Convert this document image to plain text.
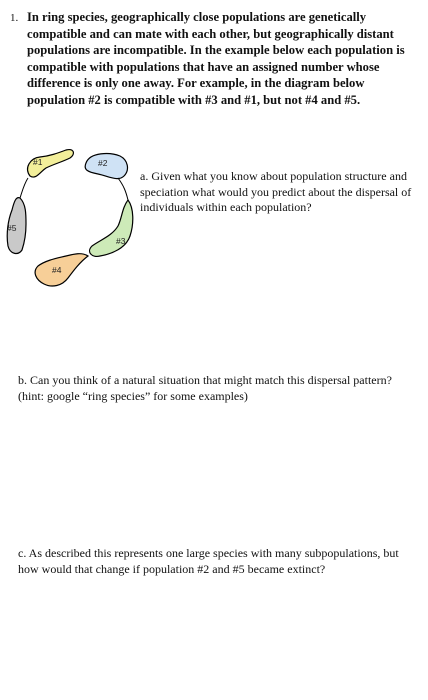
1. In ring species, geographically close populations are genetically compatible and can mate with each other, but geographically distant populations are incompatible. In the example below each population is compatible with populations that have an assigned number whose difference is only one away. For example, in the diagram below population #2 is compatible with #3 and #1, but not #4 and #5.
#1	#2
#3
#4
#5

a. Given what you know about population structure and speciation what would you predict about the dispersal of individuals within each population?

b. Can you think of a natural situation that might match this dispersal pattern? (hint: google “ring species” for some examples)

c. As described this represents one large species with many subpopulations, but how would that change if population #2 and #5 became extinct?
